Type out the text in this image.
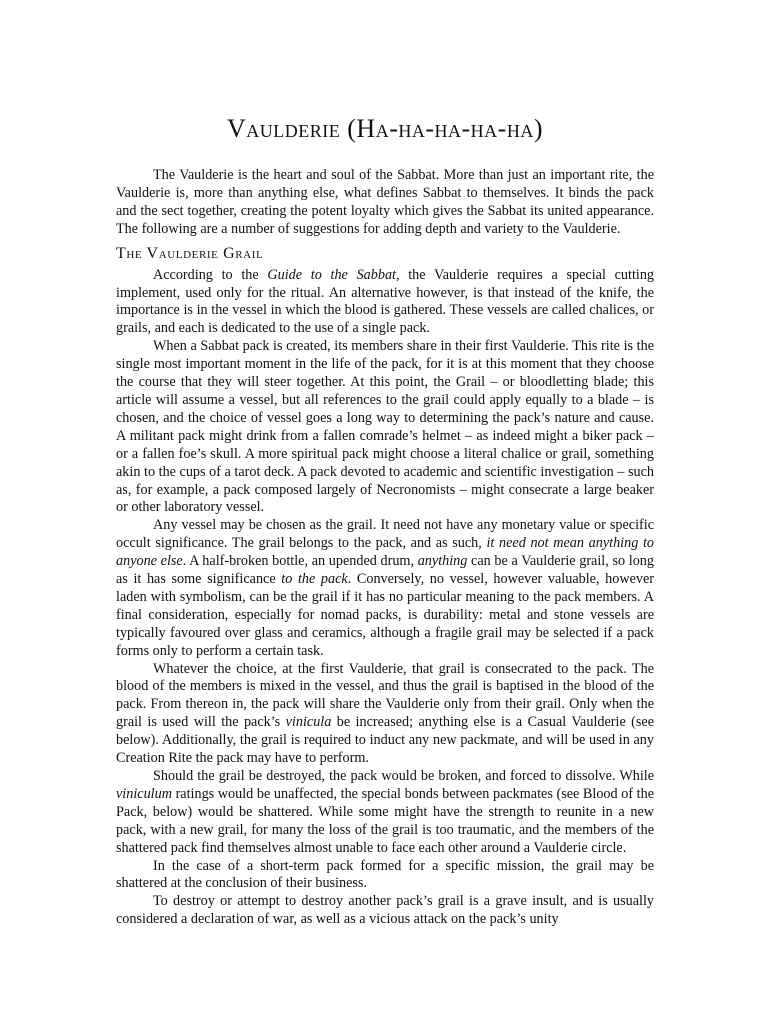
Vaulderie (Ha-ha-ha-ha-ha)

The Vaulderie is the heart and soul of the Sabbat. More than just an important rite, the Vaulderie is, more than anything else, what defines Sabbat to themselves. It binds the pack and the sect together, creating the potent loyalty which gives the Sabbat its united appearance. The following are a number of suggestions for adding depth and variety to the Vaulderie.

The Vaulderie Grail

According to the Guide to the Sabbat, the Vaulderie requires a special cutting implement, used only for the ritual. An alternative however, is that instead of the knife, the importance is in the vessel in which the blood is gathered. These vessels are called chalices, or grails, and each is dedicated to the use of a single pack.

When a Sabbat pack is created, its members share in their first Vaulderie. This rite is the single most important moment in the life of the pack, for it is at this moment that they choose the course that they will steer together. At this point, the Grail – or bloodletting blade; this article will assume a vessel, but all references to the grail could apply equally to a blade – is chosen, and the choice of vessel goes a long way to determining the pack’s nature and cause. A militant pack might drink from a fallen comrade’s helmet – as indeed might a biker pack – or a fallen foe’s skull. A more spiritual pack might choose a literal chalice or grail, something akin to the cups of a tarot deck. A pack devoted to academic and scientific investigation – such as, for example, a pack composed largely of Necronomists – might consecrate a large beaker or other laboratory vessel.

Any vessel may be chosen as the grail. It need not have any monetary value or specific occult significance. The grail belongs to the pack, and as such, it need not mean anything to anyone else. A half-broken bottle, an upended drum, anything can be a Vaulderie grail, so long as it has some significance to the pack. Conversely, no vessel, however valuable, however laden with symbolism, can be the grail if it has no particular meaning to the pack members. A final consideration, especially for nomad packs, is durability: metal and stone vessels are typically favoured over glass and ceramics, although a fragile grail may be selected if a pack forms only to perform a certain task.

Whatever the choice, at the first Vaulderie, that grail is consecrated to the pack. The blood of the members is mixed in the vessel, and thus the grail is baptised in the blood of the pack. From thereon in, the pack will share the Vaulderie only from their grail. Only when the grail is used will the pack’s vinicula be increased; anything else is a Casual Vaulderie (see below). Additionally, the grail is required to induct any new packmate, and will be used in any Creation Rite the pack may have to perform.

Should the grail be destroyed, the pack would be broken, and forced to dissolve. While viniculum ratings would be unaffected, the special bonds between packmates (see Blood of the Pack, below) would be shattered. While some might have the strength to reunite in a new pack, with a new grail, for many the loss of the grail is too traumatic, and the members of the shattered pack find themselves almost unable to face each other around a Vaulderie circle.

In the case of a short-term pack formed for a specific mission, the grail may be shattered at the conclusion of their business.

To destroy or attempt to destroy another pack’s grail is a grave insult, and is usually considered a declaration of war, as well as a vicious attack on the pack’s unity
